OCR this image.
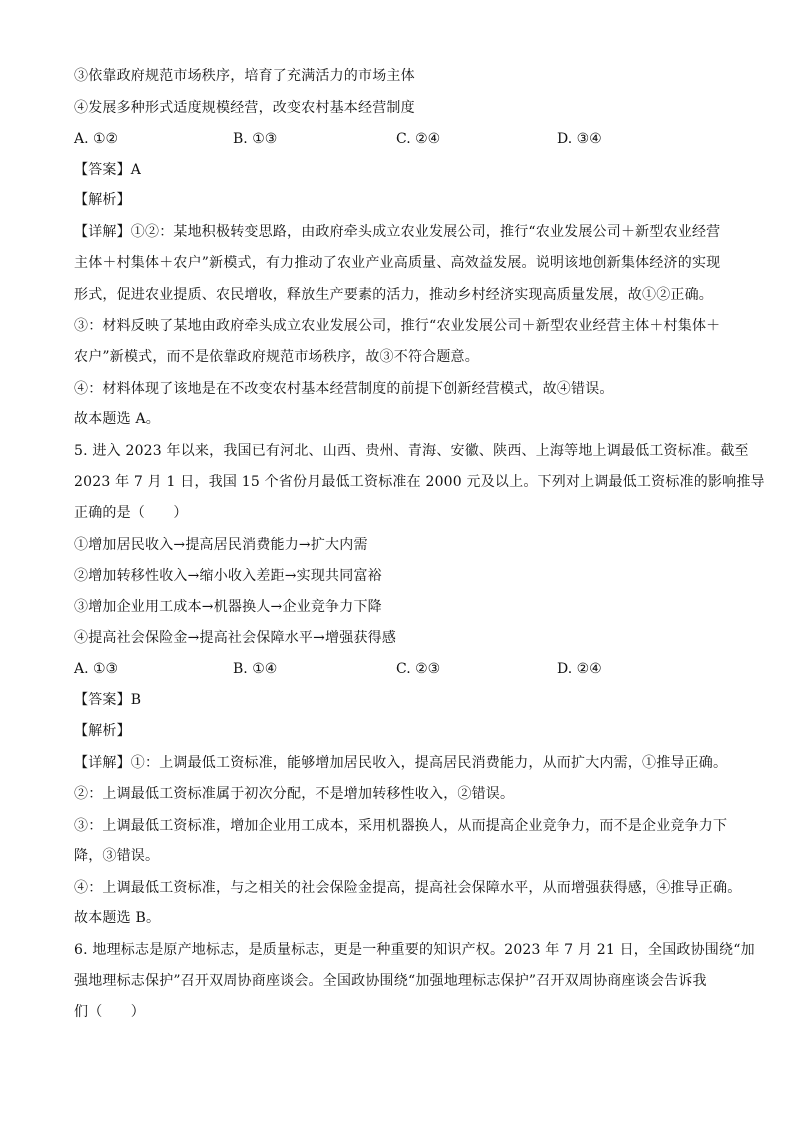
③依靠政府规范市场秩序，培育了充满活力的市场主体
④发展多种形式适度规模经营，改变农村基本经营制度
A. ①②	B. ①③	C. ②④	D. ③④
【答案】A
【解析】
【详解】①②：某地积极转变思路，由政府牵头成立农业发展公司，推行“农业发展公司＋新型农业经营
主体＋村集体＋农户”新模式，有力推动了农业产业高质量、高效益发展。说明该地创新集体经济的实现
形式，促进农业提质、农民增收，释放生产要素的活力，推动乡村经济实现高质量发展，故①②正确。
③：材料反映了某地由政府牵头成立农业发展公司，推行“农业发展公司＋新型农业经营主体＋村集体＋
农户”新模式，而不是依靠政府规范市场秩序，故③不符合题意。
④：材料体现了该地是在不改变农村基本经营制度的前提下创新经营模式，故④错误。
故本题选 A。
5. 进入 2023 年以来，我国已有河北、山西、贵州、青海、安徽、陕西、上海等地上调最低工资标准。截至
2023 年 7 月 1 日，我国 15 个省份月最低工资标准在 2000 元及以上。下列对上调最低工资标准的影响推导
正确的是（　　）
①增加居民收入→提高居民消费能力→扩大内需
②增加转移性收入→缩小收入差距→实现共同富裕
③增加企业用工成本→机器换人→企业竞争力下降
④提高社会保险金→提高社会保障水平→增强获得感
A. ①③	B. ①④	C. ②③	D. ②④
【答案】B
【解析】
【详解】①：上调最低工资标准，能够增加居民收入，提高居民消费能力，从而扩大内需，①推导正确。
②：上调最低工资标准属于初次分配，不是增加转移性收入，②错误。
③：上调最低工资标准，增加企业用工成本，采用机器换人，从而提高企业竞争力，而不是企业竞争力下
降，③错误。
④：上调最低工资标准，与之相关的社会保险金提高，提高社会保障水平，从而增强获得感，④推导正确。
故本题选 B。
6. 地理标志是原产地标志，是质量标志，更是一种重要的知识产权。2023 年 7 月 21 日，全国政协围绕“加
强地理标志保护”召开双周协商座谈会。全国政协围绕“加强地理标志保护”召开双周协商座谈会告诉我
们（　　）
